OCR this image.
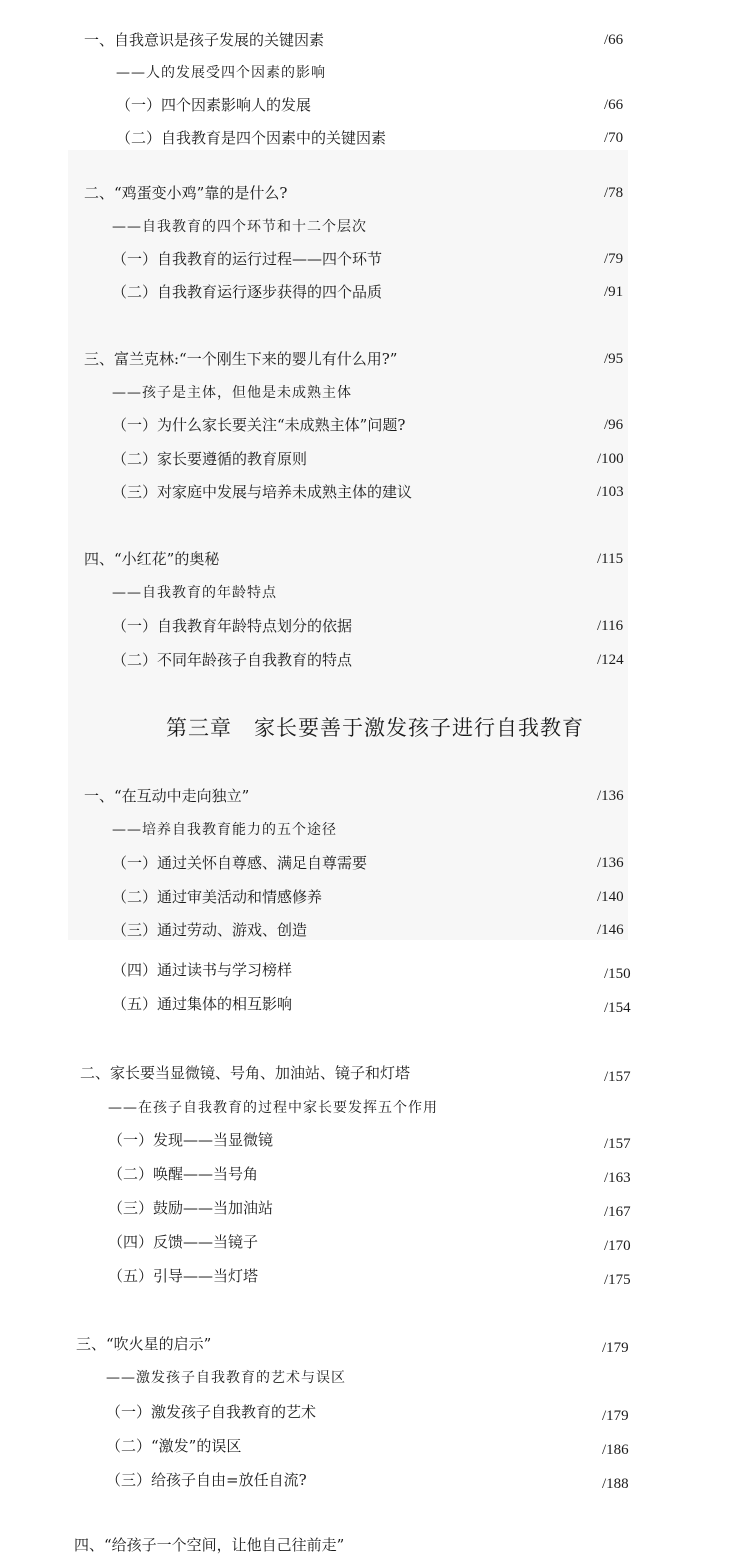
一、自我意识是孩子发展的关键因素	/66
——人的发展受四个因素的影响
（一）四个因素影响人的发展	/66
（二）自我教育是四个因素中的关键因素	/70
二、“鸡蛋变小鸡”靠的是什么?	/78
——自我教育的四个环节和十二个层次
（一）自我教育的运行过程——四个环节	/79
（二）自我教育运行逐步获得的四个品质	/91
三、富兰克林:“一个刚生下来的婴儿有什么用?”	/95
——孩子是主体，但他是未成熟主体
（一）为什么家长要关注“未成熟主体”问题?	/96
（二）家长要遵循的教育原则	/100
（三）对家庭中发展与培养未成熟主体的建议	/103
四、“小红花”的奥秘	/115
——自我教育的年龄特点
（一）自我教育年龄特点划分的依据	/116
（二）不同年龄孩子自我教育的特点	/124
第三章　家长要善于激发孩子进行自我教育
一、“在互动中走向独立”	/136
——培养自我教育能力的五个途径
（一）通过关怀自尊感、满足自尊需要	/136
（二）通过审美活动和情感修养	/140
（三）通过劳动、游戏、创造	/146
（四）通过读书与学习榜样	/150
（五）通过集体的相互影响	/154
二、家长要当显微镜、号角、加油站、镜子和灯塔	/157
——在孩子自我教育的过程中家长要发挥五个作用
（一）发现——当显微镜	/157
（二）唤醒——当号角	/163
（三）鼓励——当加油站	/167
（四）反馈——当镜子	/170
（五）引导——当灯塔	/175
三、“吹火星的启示”	/179
——激发孩子自我教育的艺术与误区
（一）激发孩子自我教育的艺术	/179
（二）“激发”的误区	/186
（三）给孩子自由=放任自流?	/188
四、“给孩子一个空间，让他自己往前走”
